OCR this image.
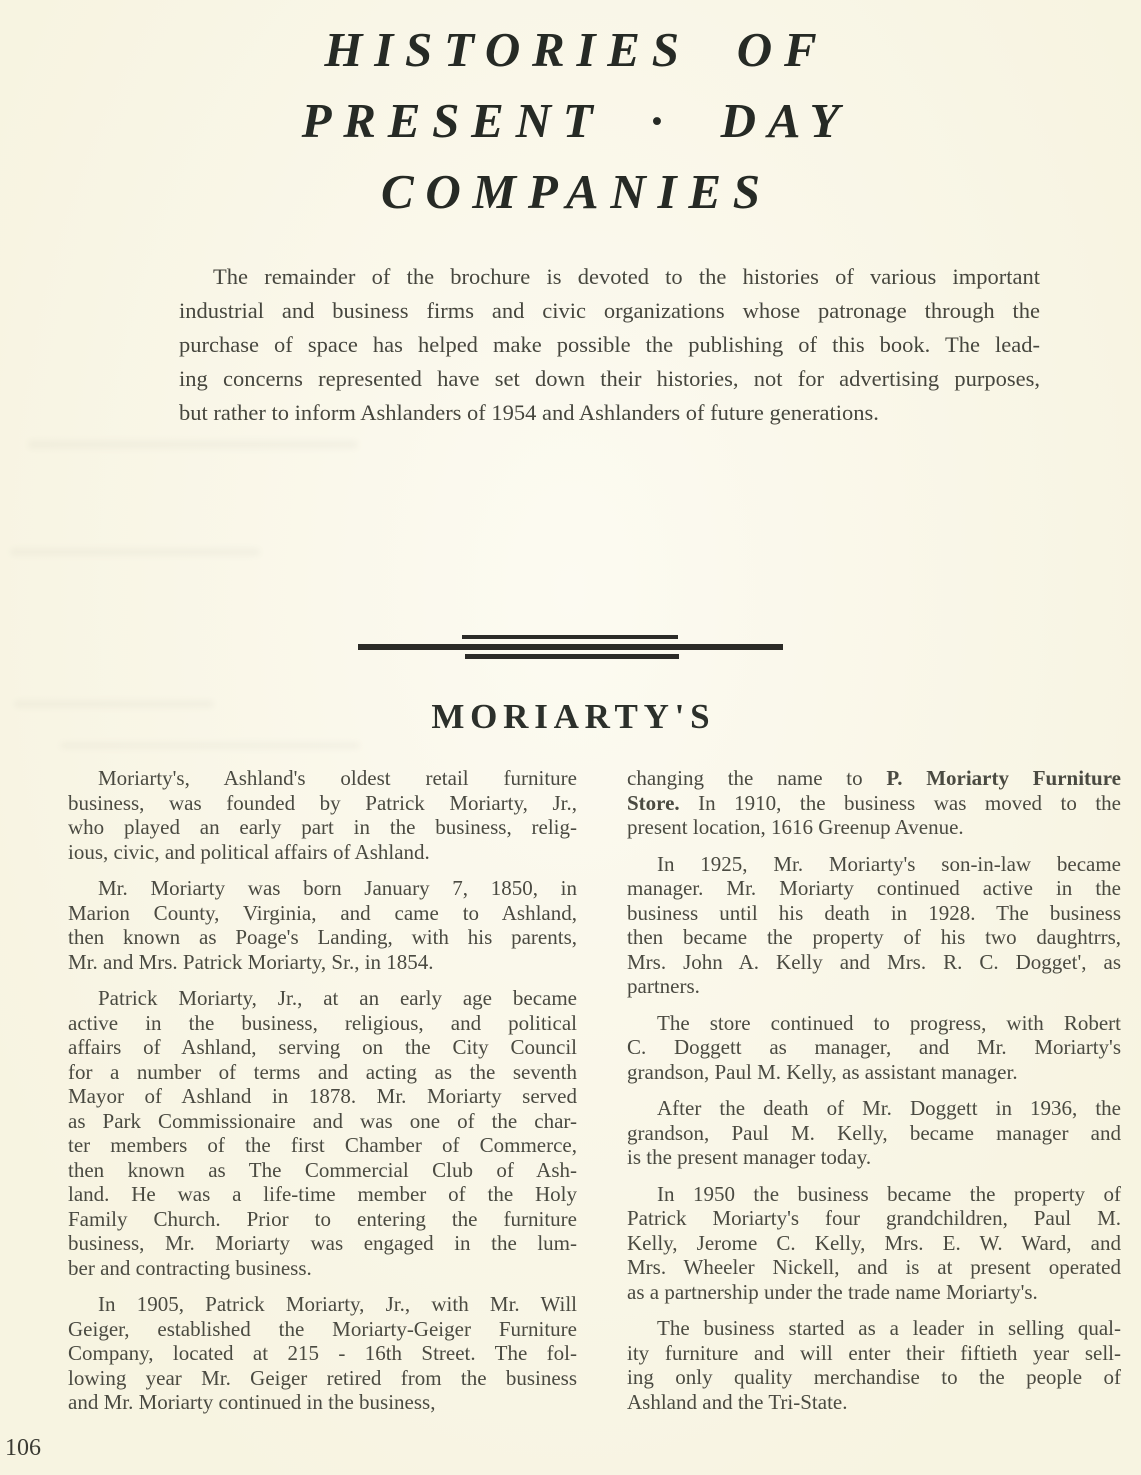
HISTORIES OF
PRESENT · DAY
COMPANIES
The remainder of the brochure is devoted to the histories of various important
industrial and business firms and civic organizations whose patronage through the
purchase of space has helped make possible the publishing of this book. The lead-
ing concerns represented have set down their histories, not for advertising purposes,
but rather to inform Ashlanders of 1954 and Ashlanders of future generations.
MORIARTY'S
Moriarty's, Ashland's oldest retail furniture
business, was founded by Patrick Moriarty, Jr.,
who played an early part in the business, relig-
ious, civic, and political affairs of Ashland.
Mr. Moriarty was born January 7, 1850, in
Marion County, Virginia, and came to Ashland,
then known as Poage's Landing, with his parents,
Mr. and Mrs. Patrick Moriarty, Sr., in 1854.
Patrick Moriarty, Jr., at an early age became
active in the business, religious, and political
affairs of Ashland, serving on the City Council
for a number of terms and acting as the seventh
Mayor of Ashland in 1878. Mr. Moriarty served
as Park Commissionaire and was one of the char-
ter members of the first Chamber of Commerce,
then known as The Commercial Club of Ash-
land. He was a life-time member of the Holy
Family Church. Prior to entering the furniture
business, Mr. Moriarty was engaged in the lum-
ber and contracting business.
In 1905, Patrick Moriarty, Jr., with Mr. Will
Geiger, established the Moriarty-Geiger Furniture
Company, located at 215 - 16th Street. The fol-
lowing year Mr. Geiger retired from the business
and Mr. Moriarty continued in the business,
changing the name to P. Moriarty Furniture
Store. In 1910, the business was moved to the
present location, 1616 Greenup Avenue.
In 1925, Mr. Moriarty's son-in-law became
manager. Mr. Moriarty continued active in the
business until his death in 1928. The business
then became the property of his two daughtrrs,
Mrs. John A. Kelly and Mrs. R. C. Dogget', as
partners.
The store continued to progress, with Robert
C. Doggett as manager, and Mr. Moriarty's
grandson, Paul M. Kelly, as assistant manager.
After the death of Mr. Doggett in 1936, the
grandson, Paul M. Kelly, became manager and
is the present manager today.
In 1950 the business became the property of
Patrick Moriarty's four grandchildren, Paul M.
Kelly, Jerome C. Kelly, Mrs. E. W. Ward, and
Mrs. Wheeler Nickell, and is at present operated
as a partnership under the trade name Moriarty's.
The business started as a leader in selling qual-
ity furniture and will enter their fiftieth year sell-
ing only quality merchandise to the people of
Ashland and the Tri-State.
106
